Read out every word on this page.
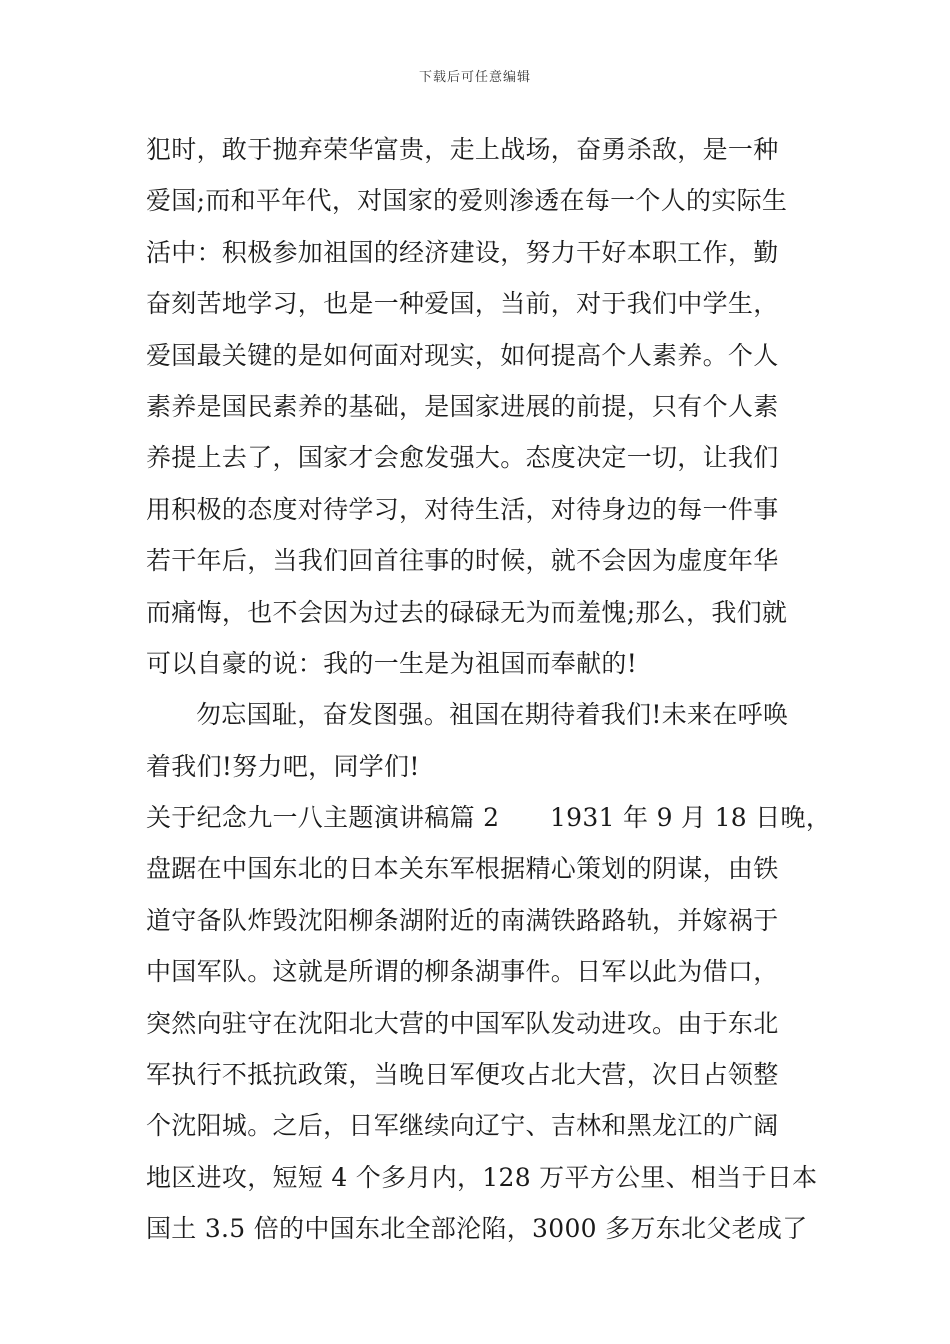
下载后可任意编辑
犯时，敢于抛弃荣华富贵，走上战场，奋勇杀敌，是一种
爱国;而和平年代，对国家的爱则渗透在每一个人的实际生
活中：积极参加祖国的经济建设，努力干好本职工作，勤
奋刻苦地学习，也是一种爱国，当前，对于我们中学生，
爱国最关键的是如何面对现实，如何提高个人素养。个人
素养是国民素养的基础，是国家进展的前提，只有个人素
养提上去了，国家才会愈发强大。态度决定一切，让我们
用积极的态度对待学习，对待生活，对待身边的每一件事
若干年后，当我们回首往事的时候，就不会因为虚度年华
而痛悔，也不会因为过去的碌碌无为而羞愧;那么，我们就
可以自豪的说：我的一生是为祖国而奉献的!
勿忘国耻，奋发图强。祖国在期待着我们!未来在呼唤
着我们!努力吧，同学们!
关于纪念九一八主题演讲稿篇 2　　1931 年 9 月 18 日晚，
盘踞在中国东北的日本关东军根据精心策划的阴谋，由铁
道守备队炸毁沈阳柳条湖附近的南满铁路路轨，并嫁祸于
中国军队。这就是所谓的柳条湖事件。日军以此为借口，
突然向驻守在沈阳北大营的中国军队发动进攻。由于东北
军执行不抵抗政策，当晚日军便攻占北大营，次日占领整
个沈阳城。之后，日军继续向辽宁、吉林和黑龙江的广阔
地区进攻，短短 4 个多月内，128 万平方公里、相当于日本
国土 3.5 倍的中国东北全部沦陷，3000 多万东北父老成了
